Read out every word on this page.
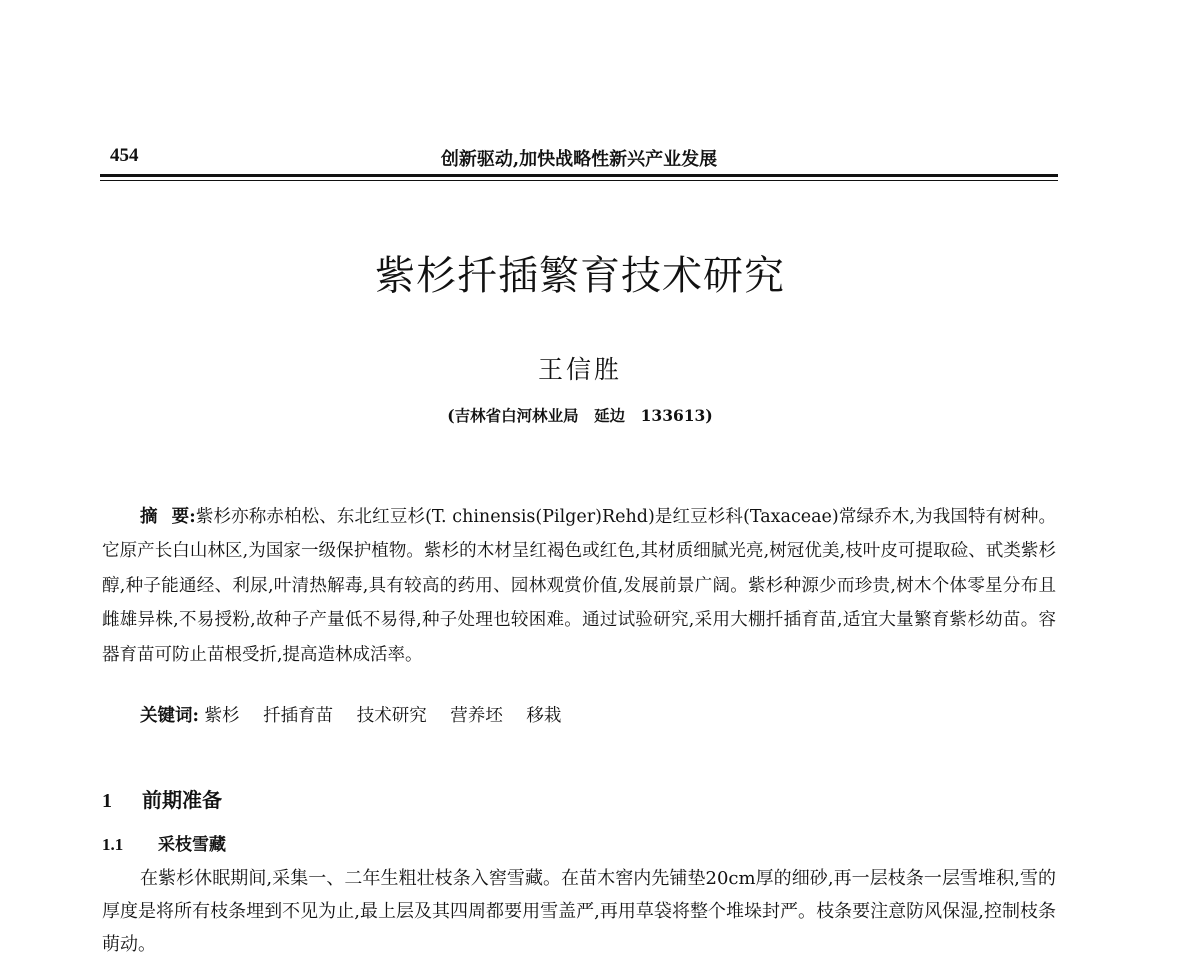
454	创新驱动,加快战略性新兴产业发展
紫杉扦插繁育技术研究
王信胜
(吉林省白河林业局　延边　133613)
摘要:紫杉亦称赤柏松、东北红豆杉(T. chinensis(Pilger)Rehd)是红豆杉科(Taxaceae)常绿乔木,为我国特有树种。它原产长白山林区,为国家一级保护植物。紫杉的木材呈红褐色或红色,其材质细腻光亮,树冠优美,枝叶皮可提取硷、甙类紫杉醇,种子能通经、利尿,叶清热解毒,具有较高的药用、园林观赏价值,发展前景广阔。紫杉种源少而珍贵,树木个体零星分布且雌雄异株,不易授粉,故种子产量低不易得,种子处理也较困难。通过试验研究,采用大棚扦插育苗,适宜大量繁育紫杉幼苗。容器育苗可防止苗根受折,提高造林成活率。
关键词: 紫杉 扦插育苗 技术研究 营养坯 移栽
1 前期准备
1.1 采枝雪藏
在紫杉休眠期间,采集一、二年生粗壮枝条入窖雪藏。在苗木窖内先铺垫20cm厚的细砂,再一层枝条一层雪堆积,雪的厚度是将所有枝条埋到不见为止,最上层及其四周都要用雪盖严,再用草袋将整个堆垛封严。枝条要注意防风保湿,控制枝条萌动。
